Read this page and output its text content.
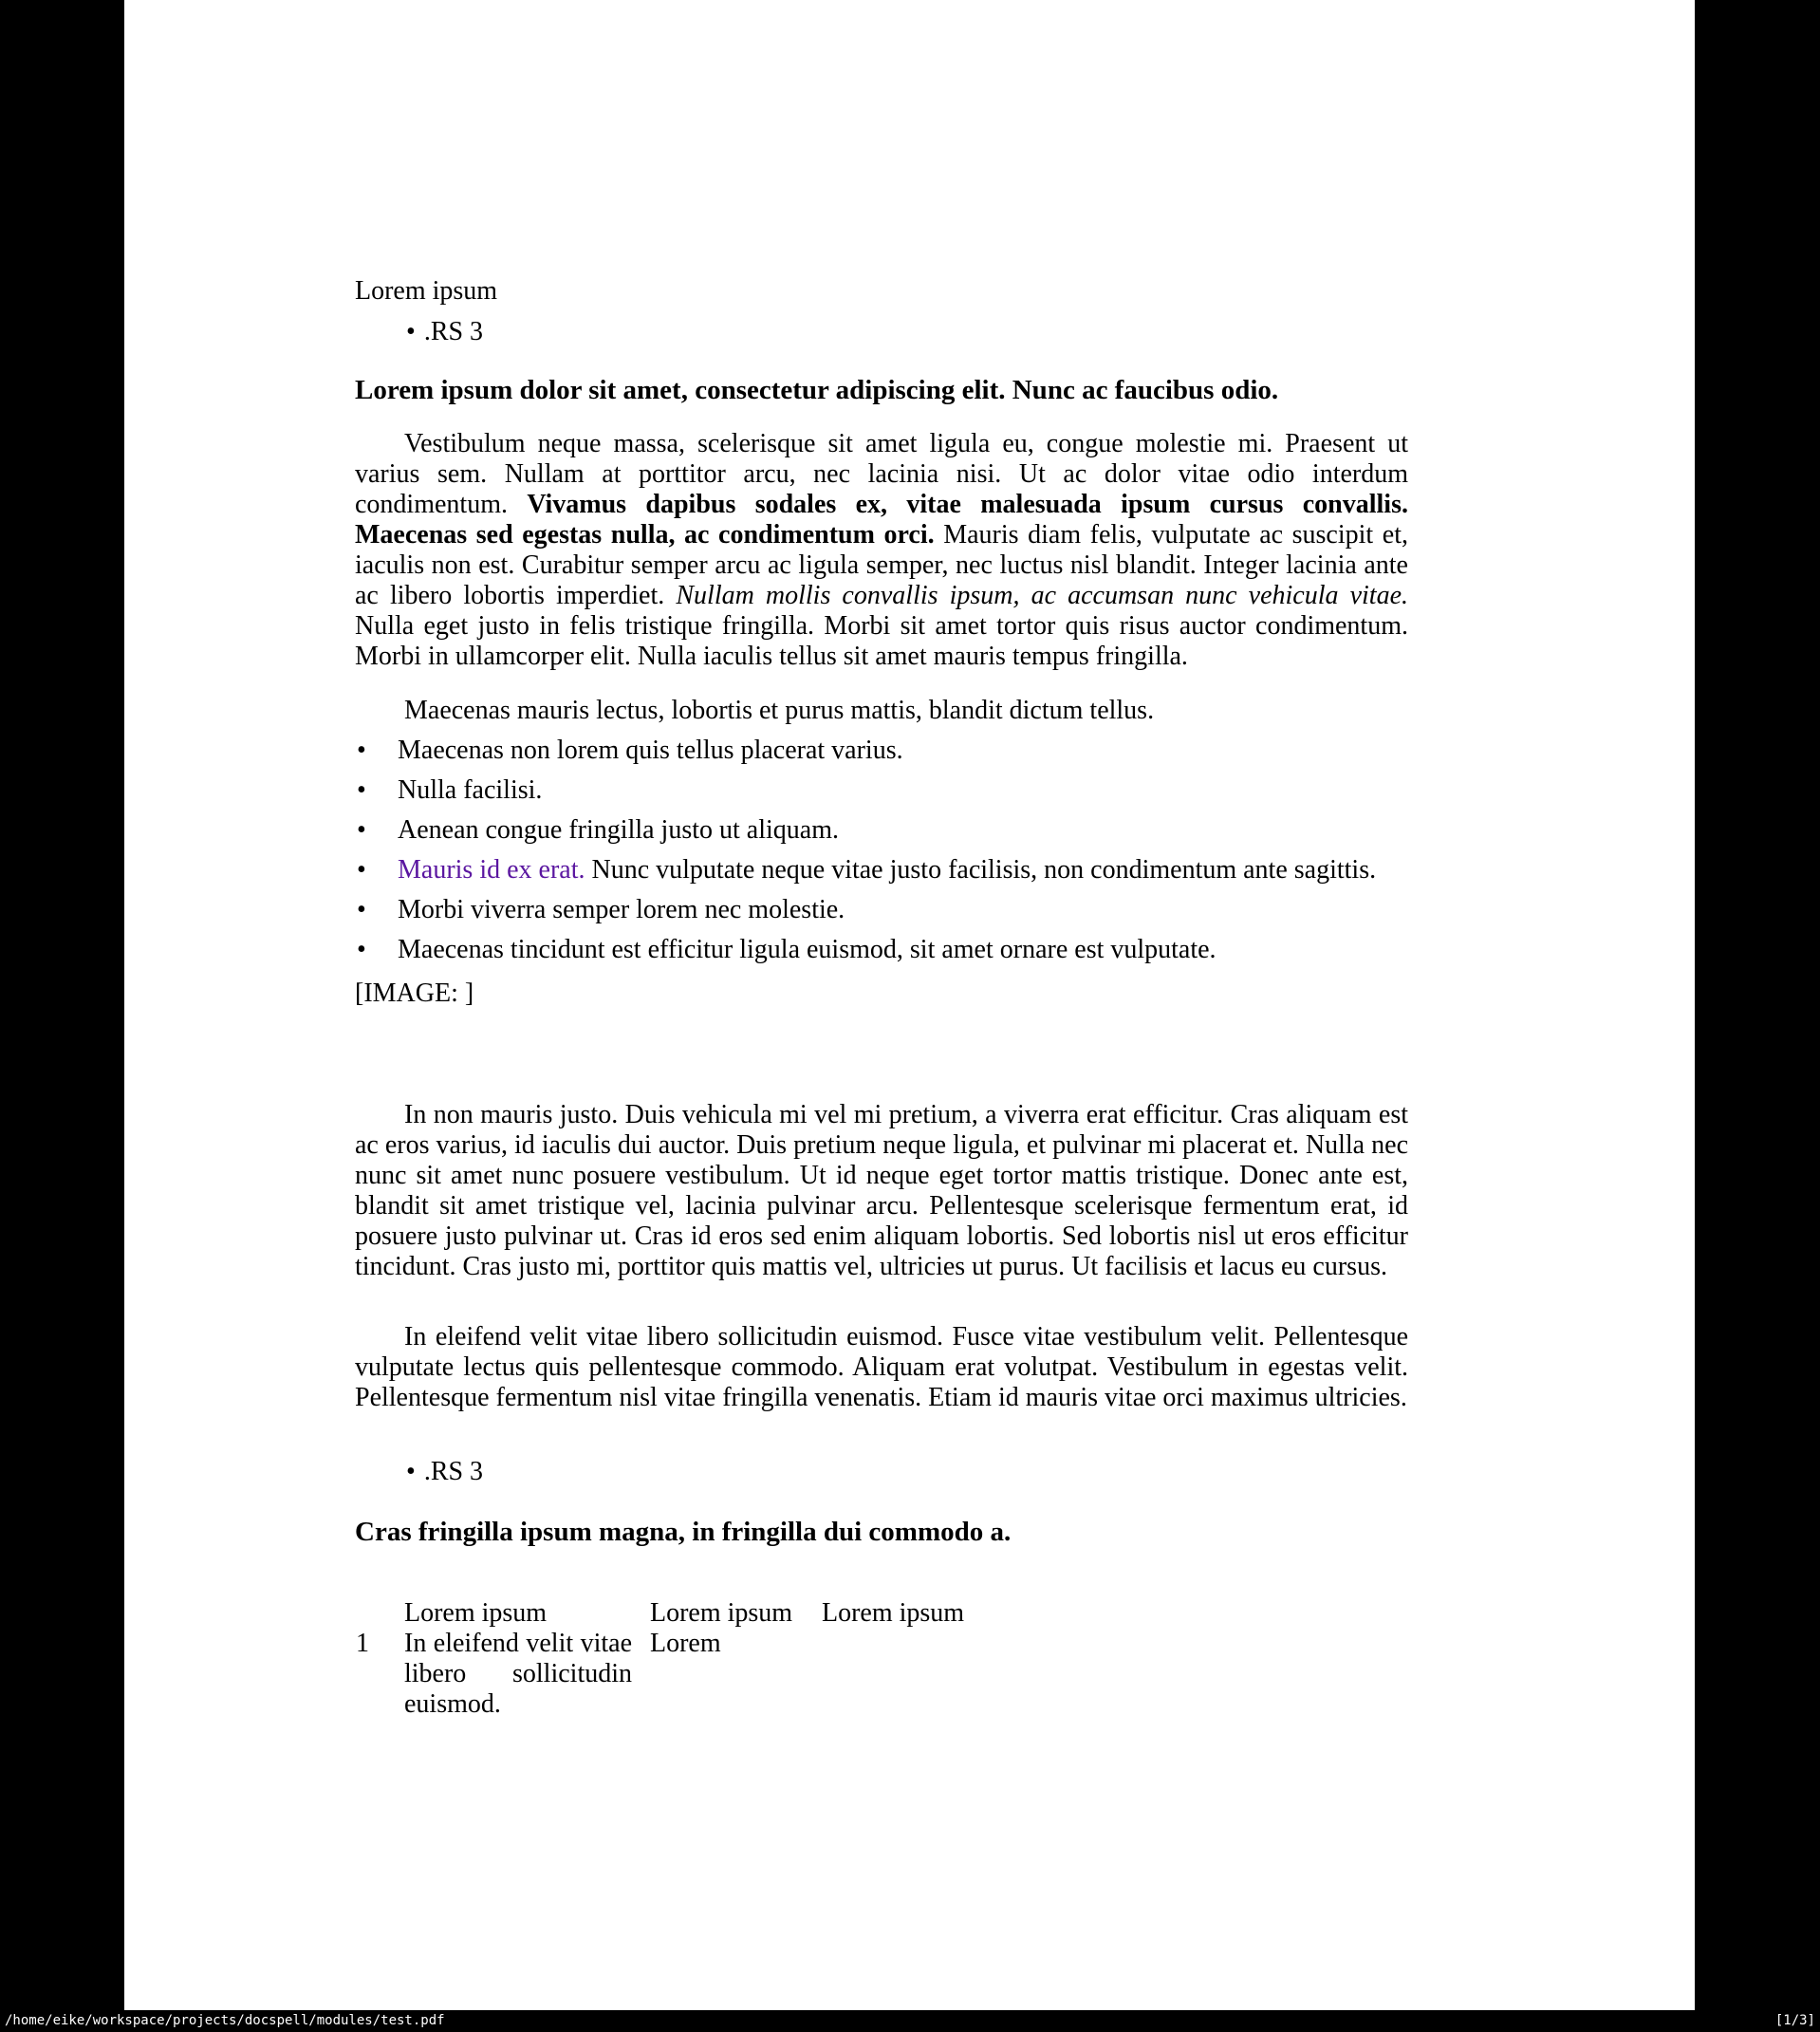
Lorem ipsum
• .RS 3
Lorem ipsum dolor sit amet, consectetur adipiscing elit. Nunc ac faucibus odio.

Vestibulum neque massa, scelerisque sit amet ligula eu, congue molestie mi. Praesent ut varius sem. Nullam at porttitor arcu, nec lacinia nisi. Ut ac dolor vitae odio interdum condimentum. Vivamus dapibus sodales ex, vitae malesuada ipsum cursus convallis. Maecenas sed egestas nulla, ac condimentum orci. Mauris diam felis, vulputate ac suscipit et, iaculis non est. Curabitur semper arcu ac ligula semper, nec luctus nisl blandit. Integer lacinia ante ac libero lobortis imperdiet. Nullam mollis convallis ipsum, ac accumsan nunc vehicula vitae. Nulla eget justo in felis tristique fringilla. Morbi sit amet tortor quis risus auctor condimentum. Morbi in ullamcorper elit. Nulla iaculis tellus sit amet mauris tempus fringilla.

Maecenas mauris lectus, lobortis et purus mattis, blandit dictum tellus.
• Maecenas non lorem quis tellus placerat varius.
• Nulla facilisi.
• Aenean congue fringilla justo ut aliquam.
• Mauris id ex erat. Nunc vulputate neque vitae justo facilisis, non condimentum ante sagittis.
• Morbi viverra semper lorem nec molestie.
• Maecenas tincidunt est efficitur ligula euismod, sit amet ornare est vulputate.
[IMAGE: ]

In non mauris justo. Duis vehicula mi vel mi pretium, a viverra erat efficitur. Cras aliquam est ac eros varius, id iaculis dui auctor. Duis pretium neque ligula, et pulvinar mi placerat et. Nulla nec nunc sit amet nunc posuere vestibulum. Ut id neque eget tortor mattis tristique. Donec ante est, blandit sit amet tristique vel, lacinia pulvinar arcu. Pellentesque scelerisque fermentum erat, id posuere justo pulvinar ut. Cras id eros sed enim aliquam lobortis. Sed lobortis nisl ut eros efficitur tincidunt. Cras justo mi, porttitor quis mattis vel, ultricies ut purus. Ut facilisis et lacus eu cursus.

In eleifend velit vitae libero sollicitudin euismod. Fusce vitae vestibulum velit. Pellentesque vulputate lectus quis pellentesque commodo. Aliquam erat volutpat. Vestibulum in egestas velit. Pellentesque fermentum nisl vitae fringilla venenatis. Etiam id mauris vitae orci maximus ultricies.

• .RS 3
Cras fringilla ipsum magna, in fringilla dui commodo a.
Lorem ipsum	Lorem ipsum Lorem ipsum
1 In eleifend velit vitae libero sollicitudin euismod.
Lorem
/home/eike/workspace/projects/docspell/modules/test.pdf	[1/3]
